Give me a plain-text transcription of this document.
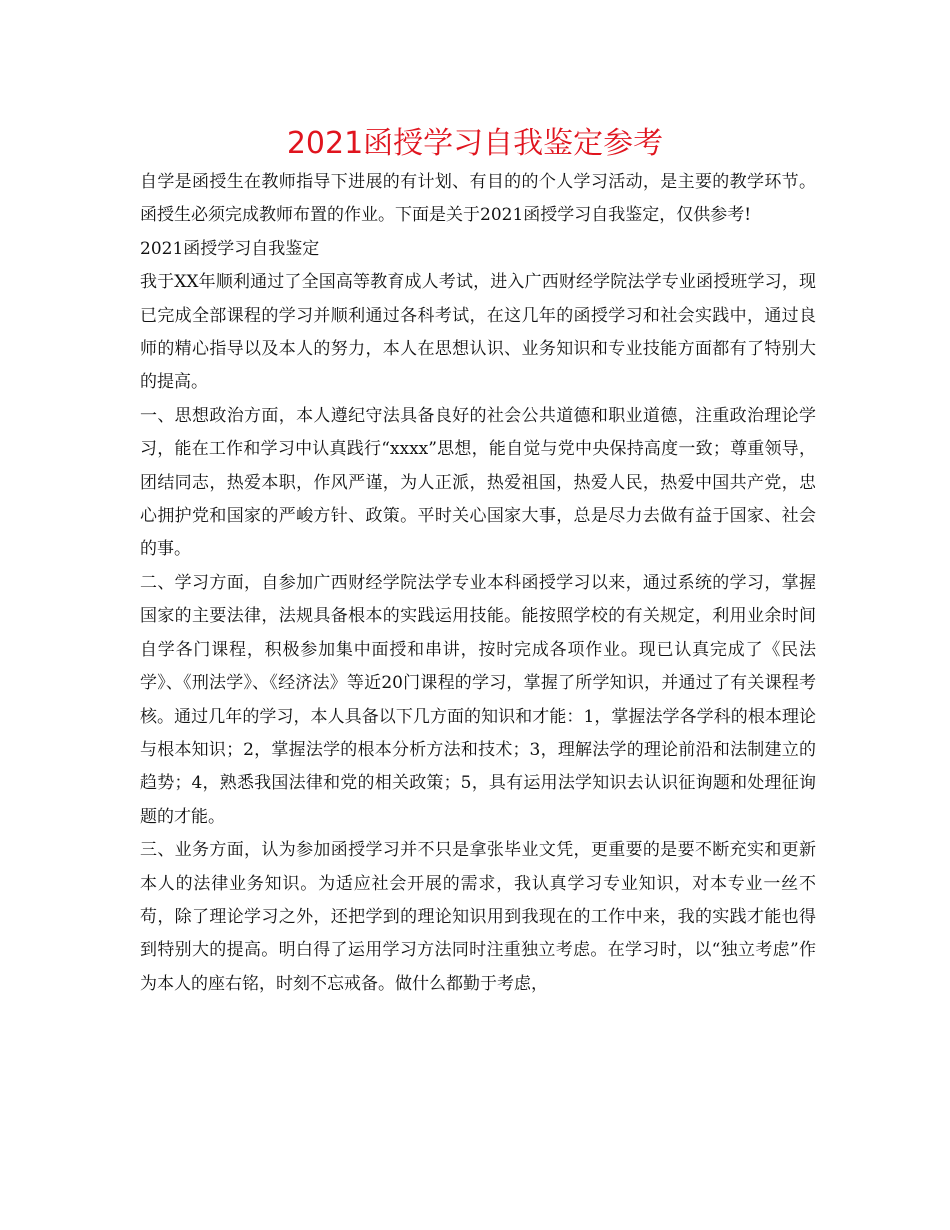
2021函授学习自我鉴定参考

自学是函授生在教师指导下进展的有计划、有目的的个人学习活动，是主要的教学环节。函授生必须完成教师布置的作业。下面是关于2021函授学习自我鉴定，仅供参考!

2021函授学习自我鉴定

我于XX年顺利通过了全国高等教育成人考试，进入广西财经学院法学专业函授班学习，现已完成全部课程的学习并顺利通过各科考试，在这几年的函授学习和社会实践中，通过良师的精心指导以及本人的努力，本人在思想认识、业务知识和专业技能方面都有了特别大的提高。

一、思想政治方面，本人遵纪守法具备良好的社会公共道德和职业道德，注重政治理论学习，能在工作和学习中认真践行“xxxx”思想，能自觉与党中央保持高度一致；尊重领导，团结同志，热爱本职，作风严谨，为人正派，热爱祖国，热爱人民，热爱中国共产党，忠心拥护党和国家的严峻方针、政策。平时关心国家大事，总是尽力去做有益于国家、社会的事。

二、学习方面，自参加广西财经学院法学专业本科函授学习以来，通过系统的学习，掌握国家的主要法律，法规具备根本的实践运用技能。能按照学校的有关规定，利用业余时间自学各门课程，积极参加集中面授和串讲，按时完成各项作业。现已认真完成了《民法学》、《刑法学》、《经济法》等近20门课程的学习，掌握了所学知识，并通过了有关课程考核。通过几年的学习，本人具备以下几方面的知识和才能：1，掌握法学各学科的根本理论与根本知识；2，掌握法学的根本分析方法和技术；3，理解法学的理论前沿和法制建立的趋势；4，熟悉我国法律和党的相关政策；5，具有运用法学知识去认识征询题和处理征询题的才能。

三、业务方面，认为参加函授学习并不只是拿张毕业文凭，更重要的是要不断充实和更新本人的法律业务知识。为适应社会开展的需求，我认真学习专业知识，对本专业一丝不苟，除了理论学习之外，还把学到的理论知识用到我现在的工作中来，我的实践才能也得到特别大的提高。明白得了运用学习方法同时注重独立考虑。在学习时，以“独立考虑”作为本人的座右铭，时刻不忘戒备。做什么都勤于考虑，
